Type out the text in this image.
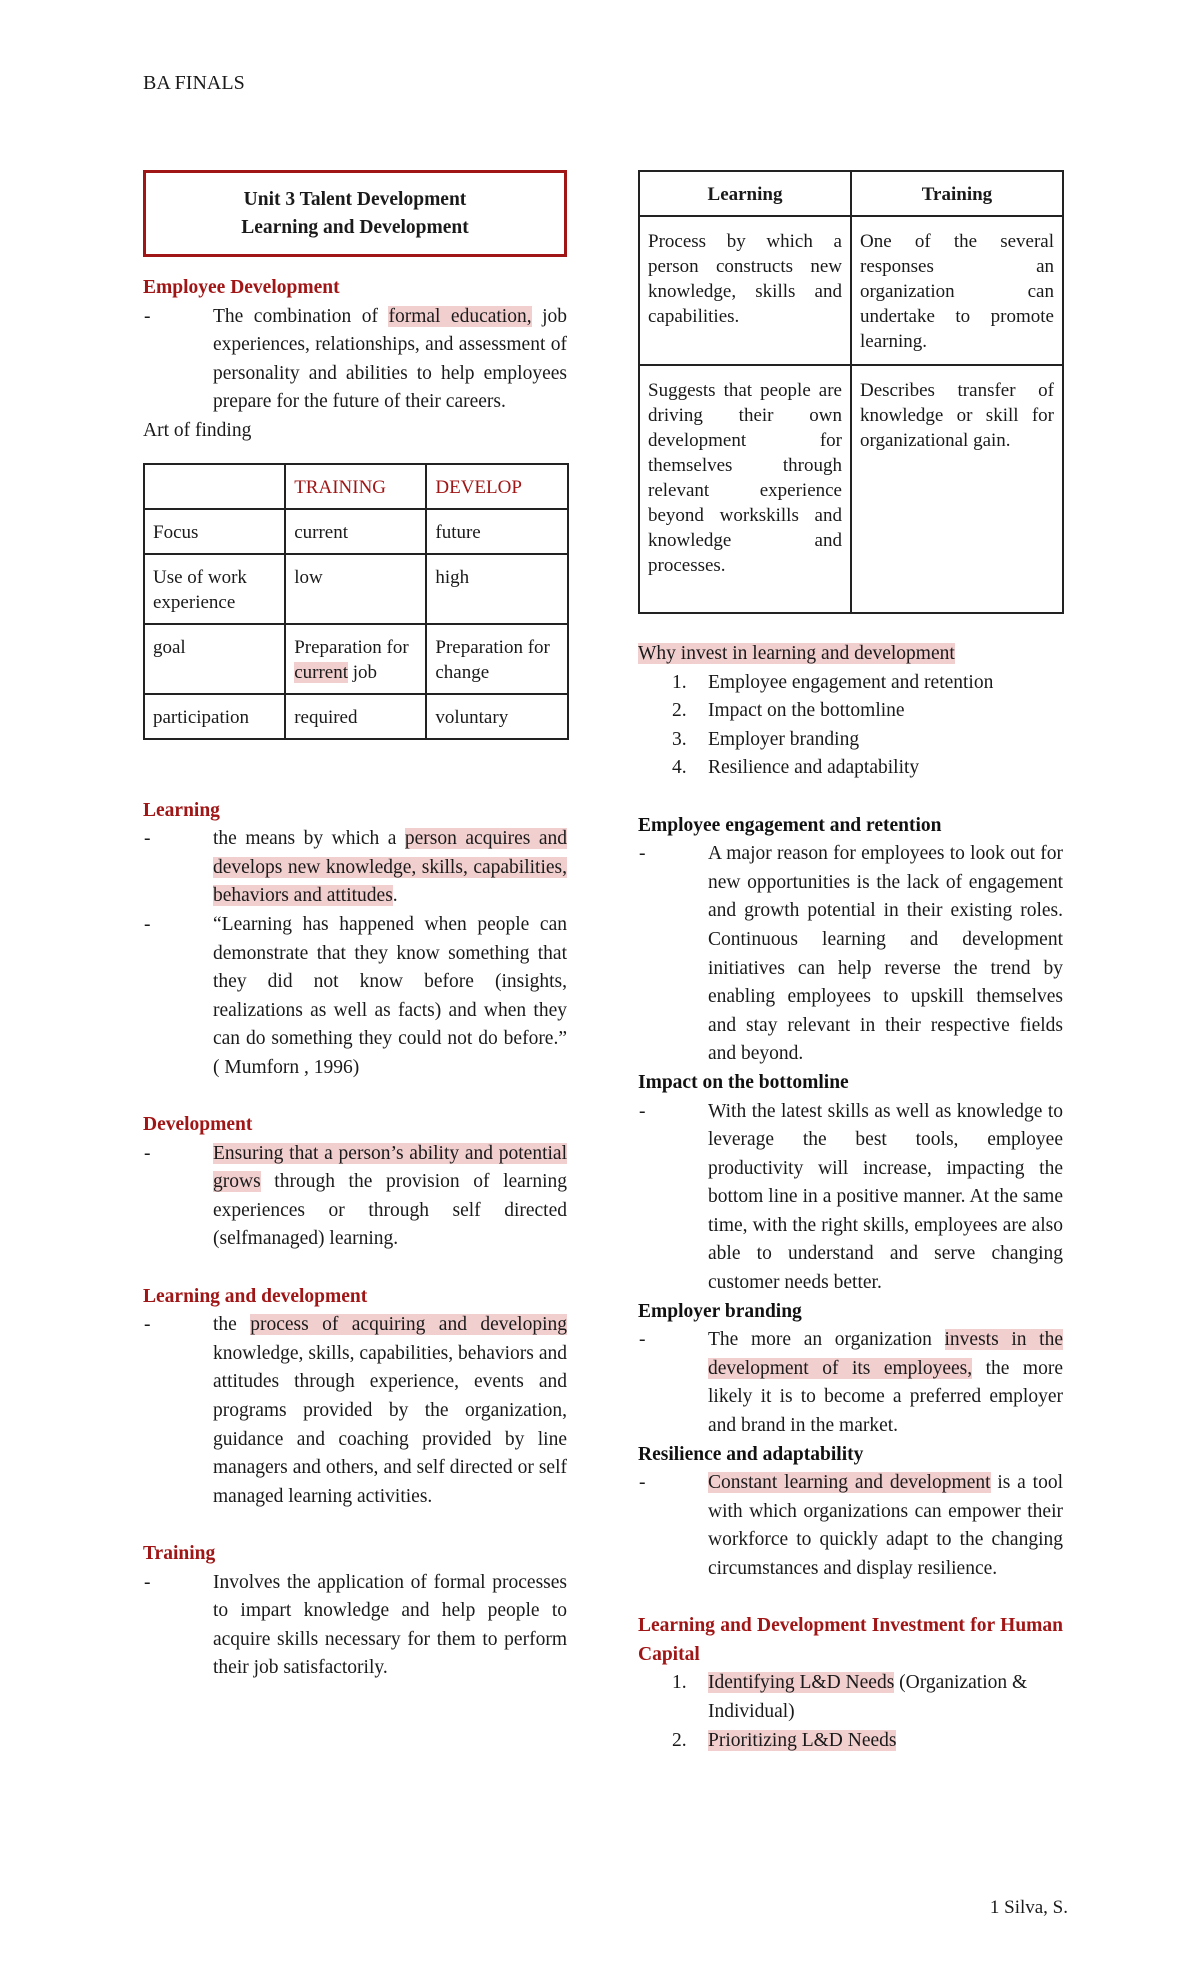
BA FINALS
Unit 3 Talent Development
Learning and Development
Employee Development
- The combination of formal education, job experiences, relationships, and assessment of personality and abilities to help employees prepare for the future of their careers.
Art of finding
	TRAINING	DEVELOP
Focus	current	future
Use of work experience	low	high
goal	Preparation for current job	Preparation for change
participation	required	voluntary
Learning
- the means by which a person acquires and develops new knowledge, skills, capabilities, behaviors and attitudes.
- “Learning has happened when people can demonstrate that they know something that they did not know before (insights, realizations as well as facts) and when they can do something they could not do before.” ( Mumforn , 1996)
Development
- Ensuring that a person’s ability and potential grows through the provision of learning experiences or through self directed (selfmanaged) learning.
Learning and development
- the process of acquiring and developing knowledge, skills, capabilities, behaviors and attitudes through experience, events and programs provided by the organization, guidance and coaching provided by line managers and others, and self directed or self managed learning activities.
Training
- Involves the application of formal processes to impart knowledge and help people to acquire skills necessary for them to perform their job satisfactorily.
Learning	Training
Process by which a person constructs new knowledge, skills and capabilities.	One of the several responses an organization can undertake to promote learning.
Suggests that people are driving their own development for themselves through relevant experience beyond workskills and knowledge and processes.	Describes transfer of knowledge or skill for organizational gain.
Why invest in learning and development
1. Employee engagement and retention
2. Impact on the bottomline
3. Employer branding
4. Resilience and adaptability
Employee engagement and retention
- A major reason for employees to look out for new opportunities is the lack of engagement and growth potential in their existing roles. Continuous learning and development initiatives can help reverse the trend by enabling employees to upskill themselves and stay relevant in their respective fields and beyond.
Impact on the bottomline
- With the latest skills as well as knowledge to leverage the best tools, employee productivity will increase, impacting the bottom line in a positive manner. At the same time, with the right skills, employees are also able to understand and serve changing customer needs better.
Employer branding
- The more an organization invests in the development of its employees, the more likely it is to become a preferred employer and brand in the market.
Resilience and adaptability
- Constant learning and development is a tool with which organizations can empower their workforce to quickly adapt to the changing circumstances and display resilience.
Learning and Development Investment for Human Capital
1. Identifying L&D Needs (Organization & Individual)
2. Prioritizing L&D Needs
1 Silva, S.
